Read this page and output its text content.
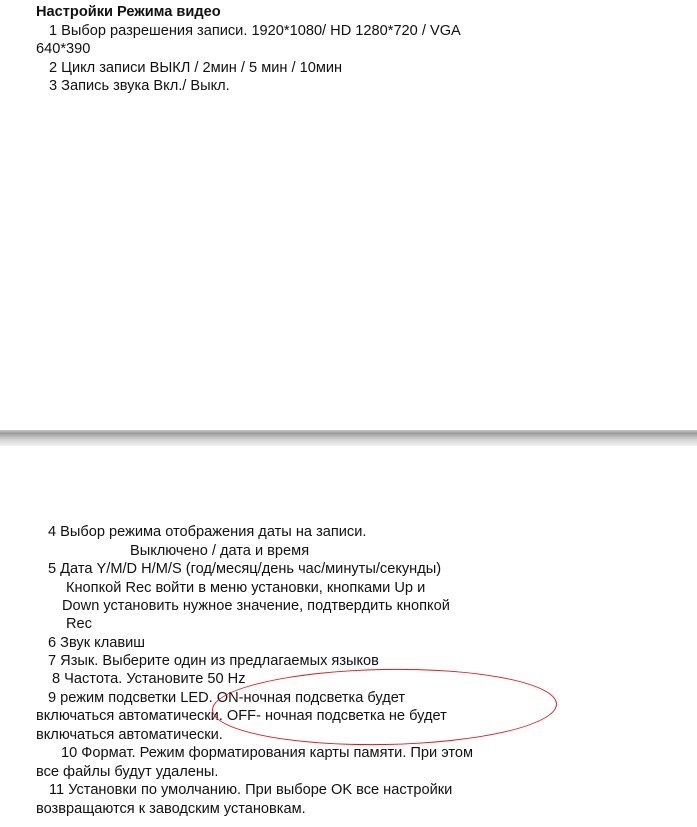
Настройки Режима видео
1 Выбор разрешения записи. 1920*1080/ HD 1280*720 / VGA
640*390
2 Цикл записи ВЫКЛ / 2мин / 5 мин / 10мин
3 Запись звука Вкл./ Выкл.
4 Выбор режима отображения даты на записи.
Выключено / дата и время
5 Дата Y/M/D H/M/S (год/месяц/день час/минуты/секунды)
Кнопкой Rec войти в меню установки, кнопками Up и
Down установить нужное значение, подтвердить кнопкой
Rec
6 Звук клавиш
7 Язык. Выберите один из предлагаемых языков
8 Частота. Установите 50 Hz
9 режим подсветки LED. ON-ночная подсветка будет
включаться автоматически. OFF- ночная подсветка не будет
включаться автоматически.
10 Формат. Режим форматирования карты памяти. При этом
все файлы будут удалены.
11 Установки по умолчанию. При выборе OK все настройки
возвращаются к заводским установкам.
